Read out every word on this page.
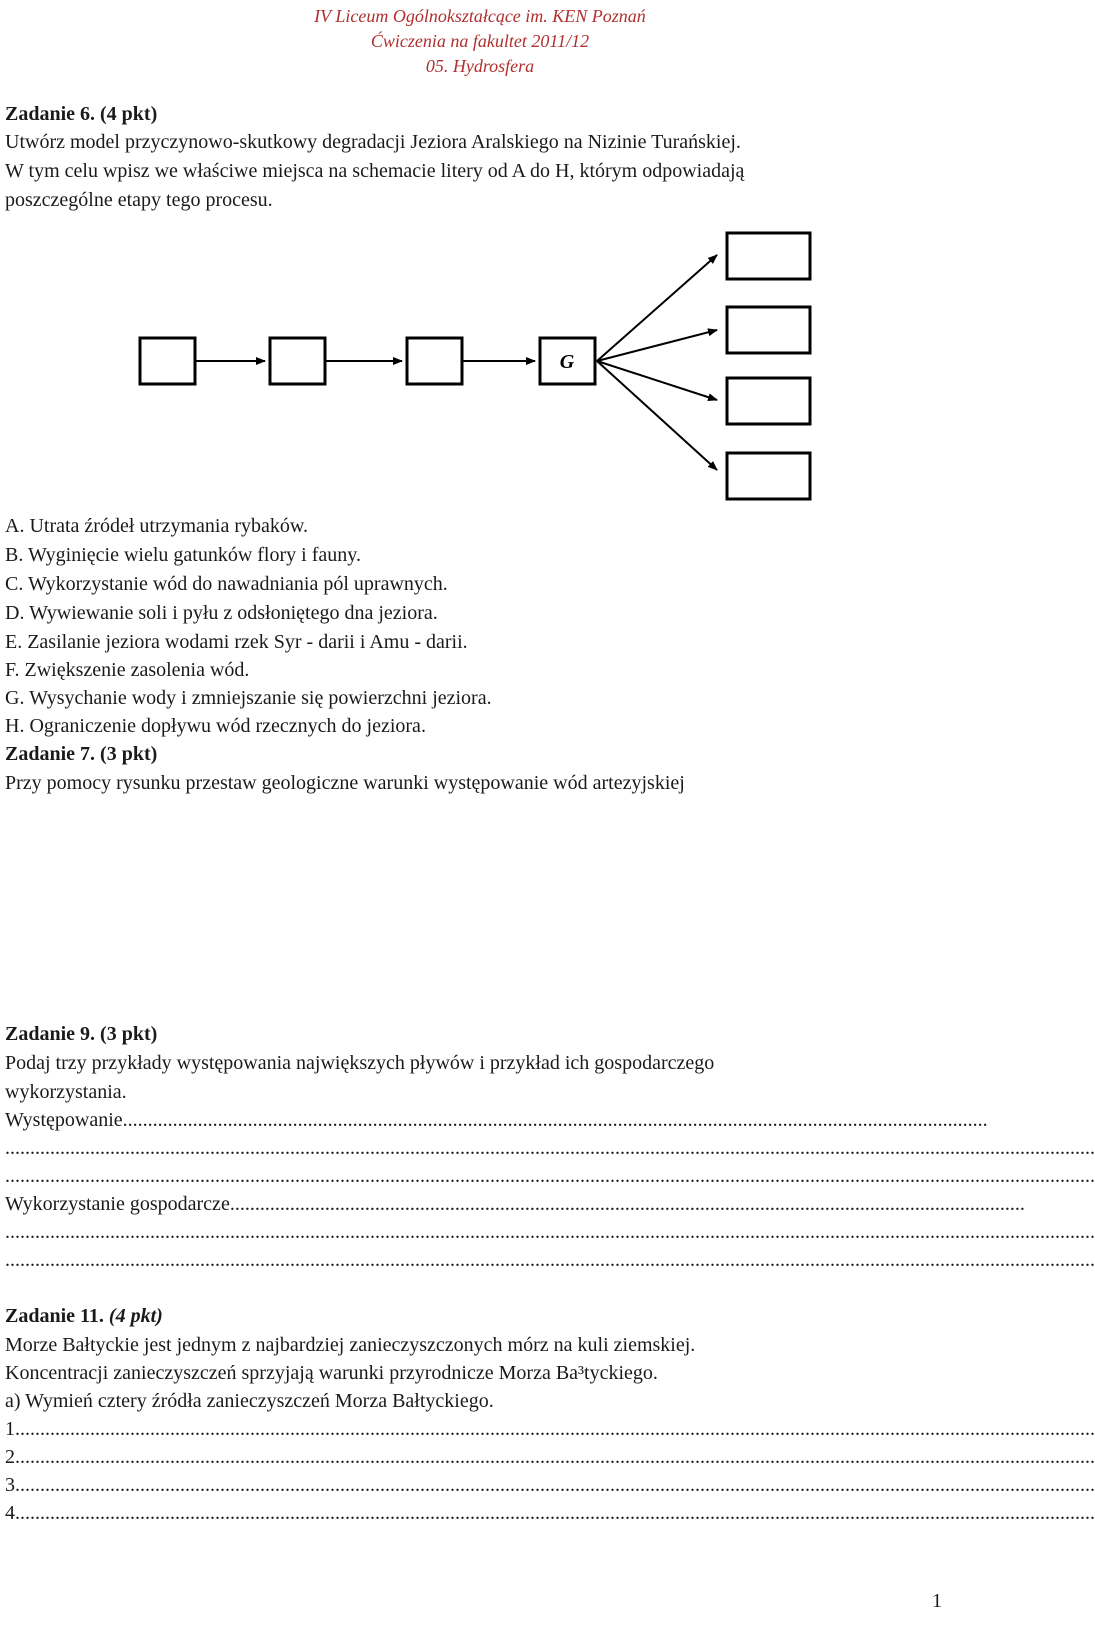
IV Liceum Ogólnokształcące im. KEN Poznań
Ćwiczenia na fakultet 2011/12
05. Hydrosfera
Zadanie 6. (4 pkt)
Utwórz model przyczynowo-skutkowy degradacji Jeziora Aralskiego na Nizinie Turańskiej.
W tym celu wpisz we właściwe miejsca na schemacie litery od A do H, którym odpowiadają
poszczególne etapy tego procesu.
G
A. Utrata źródeł utrzymania rybaków.
B. Wyginięcie wielu gatunków flory i fauny.
C. Wykorzystanie wód do nawadniania pól uprawnych.
D. Wywiewanie soli i pyłu z odsłoniętego dna jeziora.
E. Zasilanie jeziora wodami rzek Syr - darii i Amu - darii.
F. Zwiększenie zasolenia wód.
G. Wysychanie wody i zmniejszanie się powierzchni jeziora.
H. Ograniczenie dopływu wód rzecznych do jeziora.
Zadanie 7. (3 pkt)
Przy pomocy rysunku przestaw geologiczne warunki występowanie wód artezyjskiej
Zadanie 9. (3 pkt)
Podaj trzy przykłady występowania największych pływów i przykład ich gospodarczego
wykorzystania.
Występowanie.............................................................................................................................................................................
..........................................................................................................................................................................................................................
..........................................................................................................................................................................................................................
Wykorzystanie gospodarcze...............................................................................................................................................................
..........................................................................................................................................................................................................................
..........................................................................................................................................................................................................................
Zadanie 11. (4 pkt)
Morze Bałtyckie jest jednym z najbardziej zanieczyszczonych mórz na kuli ziemskiej.
Koncentracji zanieczyszczeń sprzyjają warunki przyrodnicze Morza Ba³tyckiego.
a) Wymień cztery źródła zanieczyszczeń Morza Bałtyckiego.
1........................................................................................................................................................................................................................
2........................................................................................................................................................................................................................
3........................................................................................................................................................................................................................
4........................................................................................................................................................................................................................
1
